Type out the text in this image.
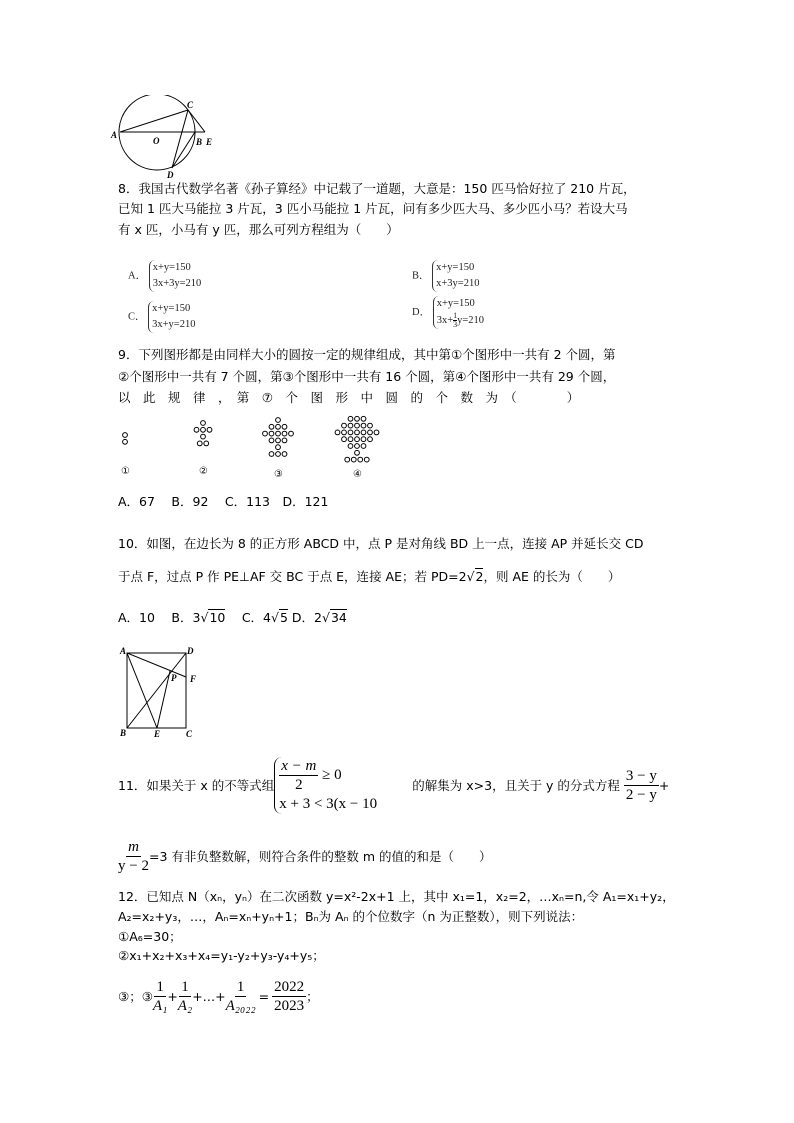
A
O	B E
C
D
8．我国古代数学名著《孙子算经》中记载了一道题，大意是：150 匹马恰好拉了 210 片瓦，
已知 1 匹大马能拉 3 片瓦，3 匹小马能拉 1 片瓦，问有多少匹大马、多少匹小马？若设大马
有 x 匹，小马有 y 匹，那么可列方程组为（　　）
A． x+y=150
3x+3y=210
B． x+y=150
x+3y=210
C． x+y=150
3x+y=210
D． x+y=150
$3x+ \frac{1}{3} y=210$
9．下列图形都是由同样大小的圆按一定的规律组成，其中第①个图形中一共有 2 个圆，第
②个图形中一共有 7 个圆，第③个图形中一共有 16 个圆，第④个图形中一共有 29 个圆，
以　此　规　律　，　第　⑦　个　图　形　中　圆　的　个　数　为　（　　　　）
①	②	③	④
A．67　 B．92　 C．113　D．121
10．如图，在边长为 8 的正方形 ABCD 中，点 P 是对角线 BD 上一点，连接 AP 并延长交 CD
于点 F，过点 P 作 PE⊥AF 交 BC 于点 E，连接 AE；若 PD=2√2，则 AE 的长为（　　）
A．10　 B．3√10　 C．4√5 D．2√34
A	D
P F
B	E	C
11．如果关于 x 的不等式组 $\frac{x - m}{2} \ge 0$
x + 3 < 3(x − 10
的解集为 x>3，且关于 y 的分式方程 $\frac{3 - y}{2 - y}$ +
$\frac{m}{y - 2} =3$ 有非负整数解，则符合条件的整数 m 的值的和是（　　）
12．已知点 N（xₙ，yₙ）在二次函数 y=x²-2x+1 上，其中 x₁=1，x₂=2，…xₙ=n,令 A₁=x₁+y₂，
A₂=x₂+y₃，…，Aₙ=xₙ+yₙ+1；Bₙ为 Aₙ 的个位数字（n 为正整数），则下列说法：
①A₆=30；
②x₁+x₂+x₃+x₄=y₁-y₂+y₃-y₄+y₅；
③；③ $\frac{1}{\text{A₁}} + \frac{1}{\text{A₂}}$ +…+ $\frac{1}{\text{A₂₀₂₂}} = \frac{2022}{2023}$ ；
